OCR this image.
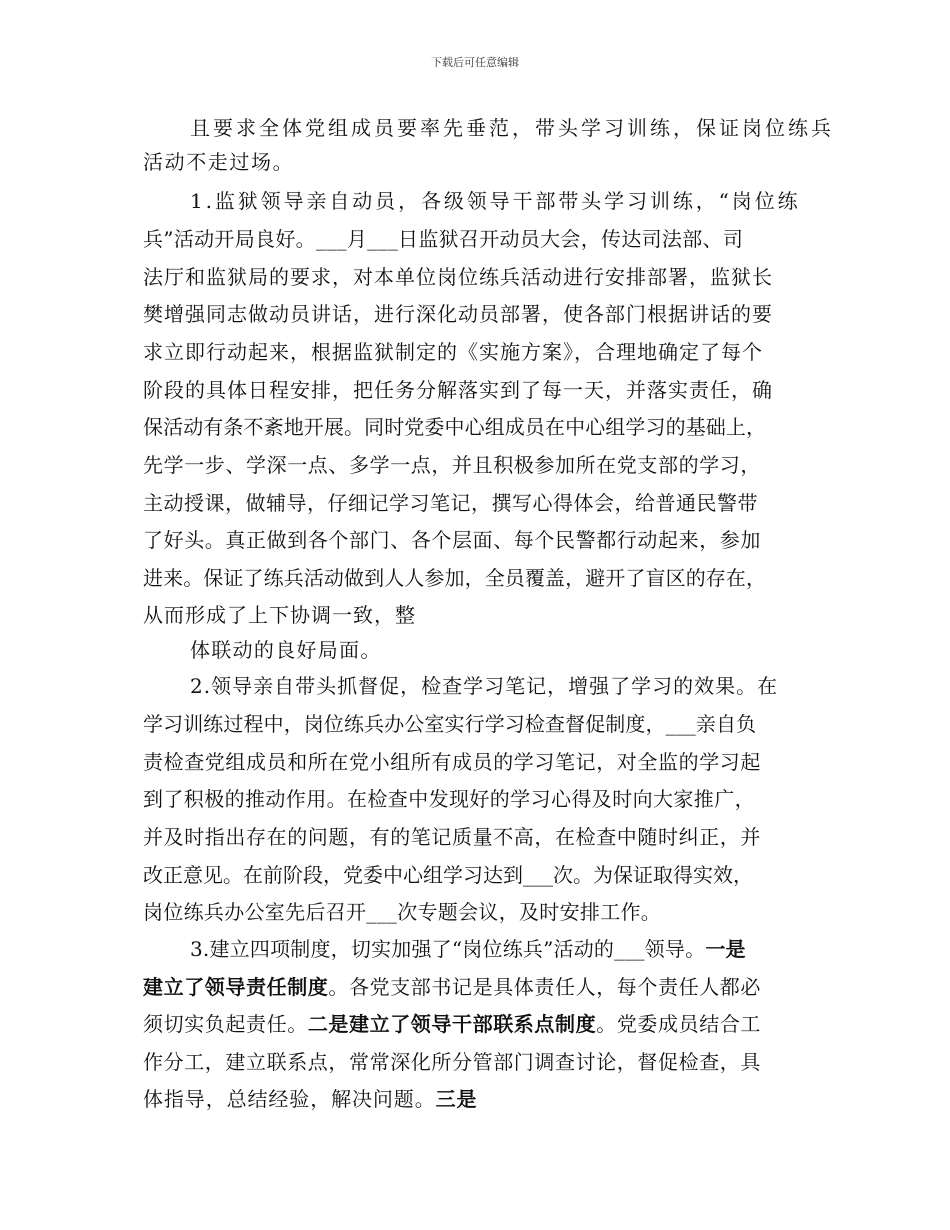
下载后可任意编辑
且要求全体党组成员要率先垂范，带头学习训练，保证岗位练兵
活动不走过场。
1.监狱领导亲自动员，各级领导干部带头学习训练，“岗位练
兵”活动开局良好。___月___日监狱召开动员大会，传达司法部、司
法厅和监狱局的要求，对本单位岗位练兵活动进行安排部署，监狱长
樊增强同志做动员讲话，进行深化动员部署，使各部门根据讲话的要
求立即行动起来，根据监狱制定的《实施方案》，合理地确定了每个
阶段的具体日程安排，把任务分解落实到了每一天，并落实责任，确
保活动有条不紊地开展。同时党委中心组成员在中心组学习的基础上，
先学一步、学深一点、多学一点，并且积极参加所在党支部的学习，
主动授课，做辅导，仔细记学习笔记，撰写心得体会，给普通民警带
了好头。真正做到各个部门、各个层面、每个民警都行动起来，参加
进来。保证了练兵活动做到人人参加，全员覆盖，避开了盲区的存在，
从而形成了上下协调一致，整
体联动的良好局面。
2.领导亲自带头抓督促，检查学习笔记，增强了学习的效果。在
学习训练过程中，岗位练兵办公室实行学习检查督促制度，___亲自负
责检查党组成员和所在党小组所有成员的学习笔记，对全监的学习起
到了积极的推动作用。在检查中发现好的学习心得及时向大家推广，
并及时指出存在的问题，有的笔记质量不高，在检查中随时纠正，并
改正意见。在前阶段，党委中心组学习达到___次。为保证取得实效，
岗位练兵办公室先后召开___次专题会议，及时安排工作。
3.建立四项制度，切实加强了“岗位练兵”活动的___领导。一是
建立了领导责任制度。各党支部书记是具体责任人，每个责任人都必
须切实负起责任。二是建立了领导干部联系点制度。党委成员结合工
作分工，建立联系点，常常深化所分管部门调查讨论，督促检查，具
体指导，总结经验，解决问题。三是
